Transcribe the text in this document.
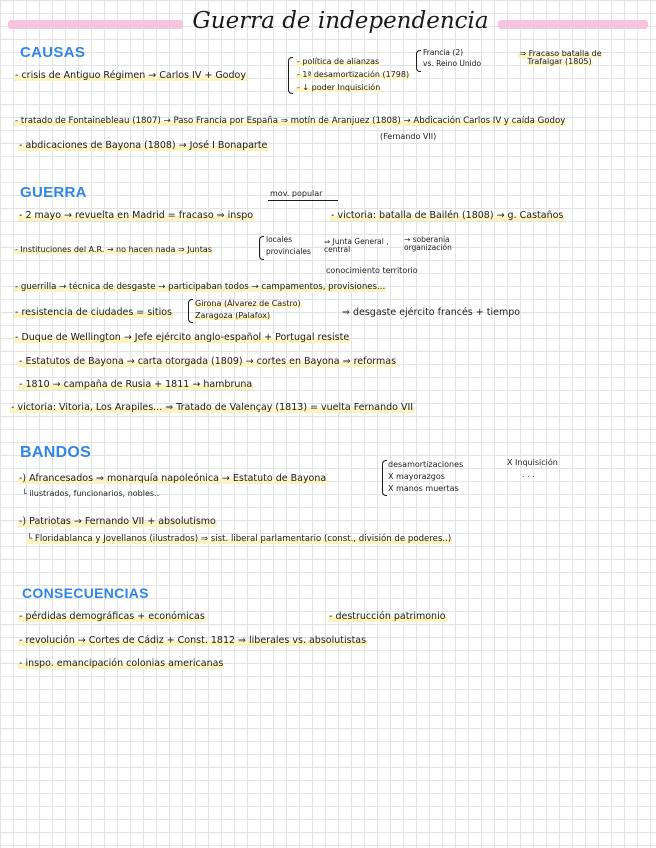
Guerra de independencia
CAUSAS
- crisis de Antiguo Régimen → Carlos IV + Godoy
- política de alianzas
- 1ª desamortización (1798)
- ↓ poder Inquisición
Francia (2)
vs. Reino Unido
⇒ Fracaso batalla de Trafalgar (1805)
- tratado de Fontainebleau (1807) → Paso Francia por España ⇒ motín de Aranjuez (1808) → Abdicación Carlos IV y caída Godoy
(Fernando VII)
- abdicaciones de Bayona (1808) → José I Bonaparte
GUERRA	mov. popular
- 2 mayo → revuelta en Madrid = fracaso ⇒ inspo	- victoria: batalla de Bailén (1808) → g. Castaños
- Instituciones del A.R. → no hacen nada ⇒ Juntas
locales
provinciales
⇒ Junta General , central
→ soberanía organización
conocimiento territorio
- guerrilla → técnica de desgaste → participaban todos → campamentos, provisiones...
- resistencia de ciudades = sitios
Girona (Álvarez de Castro)
Zaragoza (Palafox)	⇒ desgaste ejército francés + tiempo
- Duque de Wellington → Jefe ejército anglo-español + Portugal resiste
- Estatutos de Bayona → carta otorgada (1809) → cortes en Bayona ⇒ reformas
- 1810 → campaña de Rusia + 1811 → hambruna
- victoria: Vitoria, Los Arapiles... ⇒ Tratado de Valençay (1813) = vuelta Fernando VII
BANDOS
-) Afrancesados ⇒ monarquía napoleónica → Estatuto de Bayona
└ ilustrados, funcionarios, nobles..
desamortizaciones
X mayorazgos
X manos muertas
X Inquisición
. . .
-) Patriotas → Fernando VII + absolutismo
└ Floridablanca y Jovellanos (ilustrados) ⇒ sist. liberal parlamentario (const., división de poderes..)
CONSECUENCIAS
- pérdidas demográficas + económicas	- destrucción patrimonio
- revolución → Cortes de Cádiz + Const. 1812 ⇒ liberales vs. absolutistas
- inspo. emancipación colonias americanas
